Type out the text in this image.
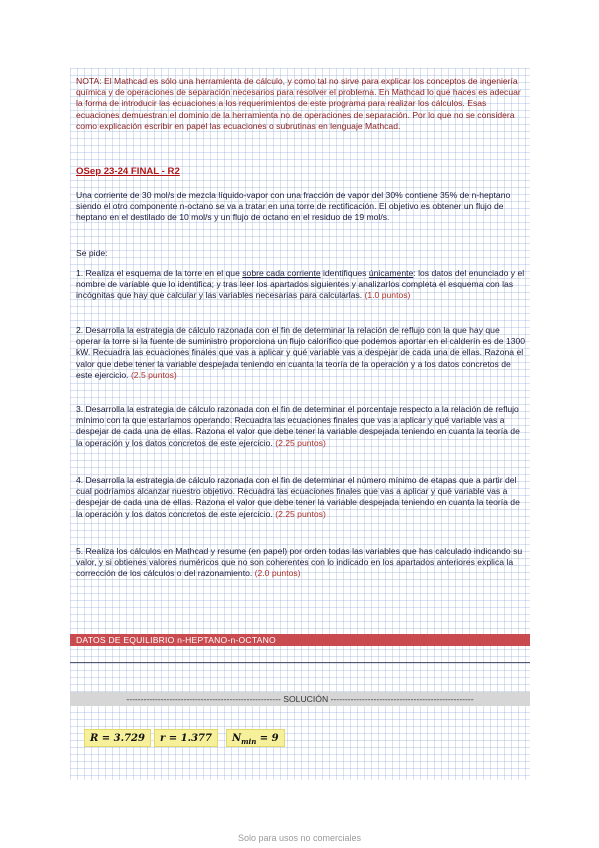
NOTA: El Mathcad es sólo una herramienta de cálculo, y como tal no sirve para explicar los conceptos de ingeniería química y de operaciones de separación necesarios para resolver el problema. En Mathcad lo que haces es adecuar la forma de introducir las ecuaciones a los requerimientos de este programa para realizar los cálculos. Esas ecuaciones demuestran el dominio de la herramienta no de operaciones de separación. Por lo que no se considera como explicación escribir en papel las ecuaciones o subrutinas en lenguaje Mathcad.
OSep 23-24 FINAL - R2
Una corriente de 30 mol/s de mezcla líquido-vapor con una fracción de vapor del 30% contiene 35% de n-heptano siendo el otro componente n-octano se va a tratar en una torre de rectificación. El objetivo es obtener un flujo de heptano en el destilado de 10 mol/s y un flujo de octano en el residuo de 19 mol/s.
Se pide:
1. Realiza el esquema de la torre en el que sobre cada corriente identifiques únicamente: los datos del enunciado y el nombre de variable que lo identifica; y tras leer los apartados siguientes y analizarlos completa el esquema con las incógnitas que hay que calcular y las variables necesarias para calcularlas. (1.0 puntos)
2. Desarrolla la estrategia de cálculo razonada con el fin de determinar la relación de reflujo con la que hay que operar la torre si la fuente de suministro proporciona un flujo calorífico que podemos aportar en el calderín es de 1300 kW. Recuadra las ecuaciones finales que vas a aplicar y qué variable vas a despejar de cada una de ellas. Razona el valor que debe tener la variable despejada teniendo en cuanta la teoría de la operación y a los datos concretos de este ejercicio. (2.5 puntos)
3. Desarrolla la estrategia de cálculo razonada con el fin de determinar el porcentaje respecto a la relación de reflujo mínimo con la que estaríamos operando. Recuadra las ecuaciones finales que vas a aplicar y qué variable vas a despejar de cada una de ellas. Razona el valor que debe tener la variable despejada teniendo en cuanta la teoría de la operación y los datos concretos de este ejercicio. (2.25 puntos)
4. Desarrolla la estrategia de cálculo razonada con el fin de determinar el número mínimo de etapas que a partir del cual podríamos alcanzar nuestro objetivo. Recuadra las ecuaciones finales que vas a aplicar y qué variable vas a despejar de cada una de ellas. Razona el valor que debe tener la variable despejada teniendo en cuanta la teoría de la operación y los datos concretos de este ejercicio. (2.25 puntos)
5. Realiza los cálculos en Mathcad y resume (en papel) por orden todas las variables que has calculado indicando su valor, y si obtienes valores numéricos que no son coherentes con lo indicado en los apartados anteriores explica la corrección de los cálculos o del razonamiento. (2.0 puntos)
DATOS DE EQUILIBRIO n-HEPTANO-n-OCTANO
------------------------------------------------------ SOLUCIÓN --------------------------------------------------
R = 3.729	r = 1.377	$N_{min} = 9$
Solo para usos no comerciales
